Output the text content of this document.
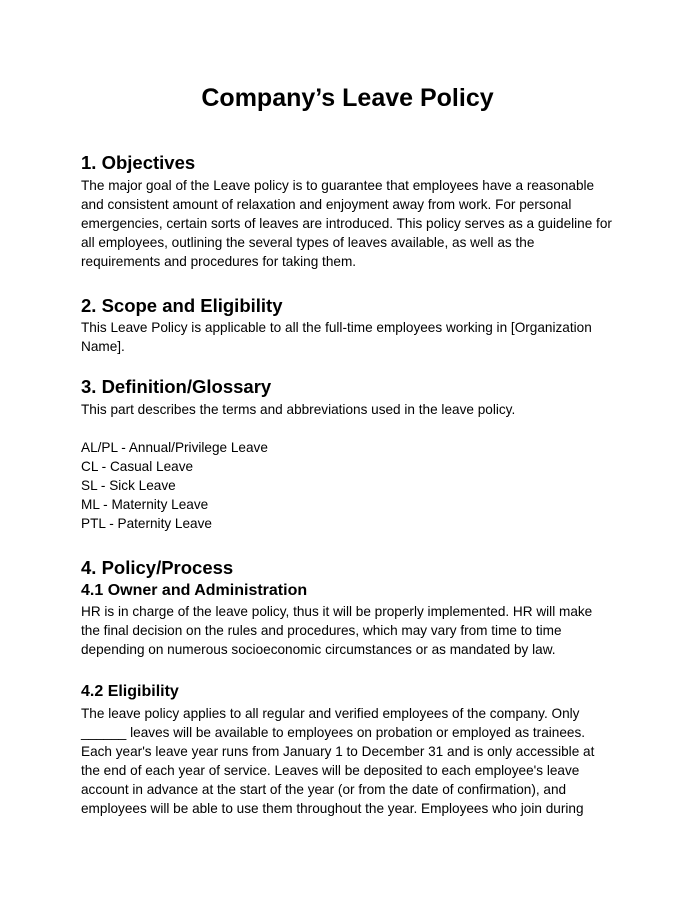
Company’s Leave Policy
1. Objectives

The major goal of the Leave policy is to guarantee that employees have a reasonable
and consistent amount of relaxation and enjoyment away from work. For personal
emergencies, certain sorts of leaves are introduced. This policy serves as a guideline for
all employees, outlining the several types of leaves available, as well as the
requirements and procedures for taking them.

2. Scope and Eligibility

This Leave Policy is applicable to all the full-time employees working in [Organization
Name].

3. Definition/Glossary

This part describes the terms and abbreviations used in the leave policy.

AL/PL - Annual/Privilege Leave
CL - Casual Leave
SL - Sick Leave
ML - Maternity Leave
PTL - Paternity Leave
4. Policy/Process
4.1 Owner and Administration

HR is in charge of the leave policy, thus it will be properly implemented. HR will make
the final decision on the rules and procedures, which may vary from time to time
depending on numerous socioeconomic circumstances or as mandated by law.

4.2 Eligibility

The leave policy applies to all regular and verified employees of the company. Only
______ leaves will be available to employees on probation or employed as trainees.
Each year's leave year runs from January 1 to December 31 and is only accessible at
the end of each year of service. Leaves will be deposited to each employee's leave
account in advance at the start of the year (or from the date of confirmation), and
employees will be able to use them throughout the year. Employees who join during
